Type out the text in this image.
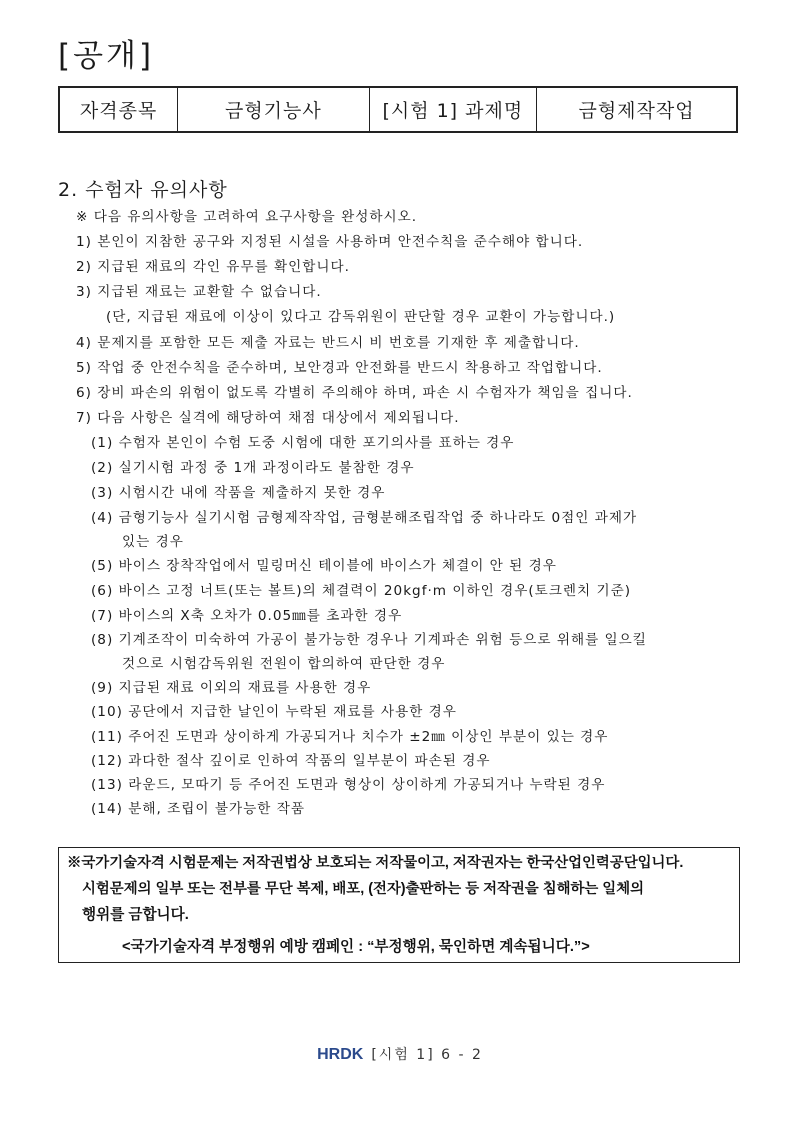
[공개]
자격종목	금형기능사	[시험 1] 과제명	금형제작작업
2. 수험자 유의사항
※ 다음 유의사항을 고려하여 요구사항을 완성하시오.
1) 본인이 지참한 공구와 지정된 시설을 사용하며 안전수칙을 준수해야 합니다.
2) 지급된 재료의 각인 유무를 확인합니다.
3) 지급된 재료는 교환할 수 없습니다.
(단, 지급된 재료에 이상이 있다고 감독위원이 판단할 경우 교환이 가능합니다.)
4) 문제지를 포함한 모든 제출 자료는 반드시 비 번호를 기재한 후 제출합니다.
5) 작업 중 안전수칙을 준수하며, 보안경과 안전화를 반드시 착용하고 작업합니다.
6) 장비 파손의 위험이 없도록 각별히 주의해야 하며, 파손 시 수험자가 책임을 집니다.
7) 다음 사항은 실격에 해당하여 채점 대상에서 제외됩니다.
(1) 수험자 본인이 수험 도중 시험에 대한 포기의사를 표하는 경우
(2) 실기시험 과정 중 1개 과정이라도 불참한 경우
(3) 시험시간 내에 작품을 제출하지 못한 경우
(4) 금형기능사 실기시험 금형제작작업, 금형분해조립작업 중 하나라도 0점인 과제가
있는 경우
(5) 바이스 장착작업에서 밀링머신 테이블에 바이스가 체결이 안 된 경우
(6) 바이스 고정 너트(또는 볼트)의 체결력이 20kgf·m 이하인 경우(토크렌치 기준)
(7) 바이스의 X축 오차가 0.05㎜를 초과한 경우
(8) 기계조작이 미숙하여 가공이 불가능한 경우나 기계파손 위험 등으로 위해를 일으킬
것으로 시험감독위원 전원이 합의하여 판단한 경우
(9) 지급된 재료 이외의 재료를 사용한 경우
(10) 공단에서 지급한 날인이 누락된 재료를 사용한 경우
(11) 주어진 도면과 상이하게 가공되거나 치수가 ±2㎜ 이상인 부분이 있는 경우
(12) 과다한 절삭 깊이로 인하여 작품의 일부분이 파손된 경우
(13) 라운드, 모따기 등 주어진 도면과 형상이 상이하게 가공되거나 누락된 경우
(14) 분해, 조립이 불가능한 작품
※국가기술자격 시험문제는 저작권법상 보호되는 저작물이고, 저작권자는 한국산업인력공단입니다.
시험문제의 일부 또는 전부를 무단 복제, 배포, (전자)출판하는 등 저작권을 침해하는 일체의
행위를 금합니다.
<국가기술자격 부정행위 예방 캠페인 : “부정행위, 묵인하면 계속됩니다.”>
HRDK [시험 1] 6 - 2
